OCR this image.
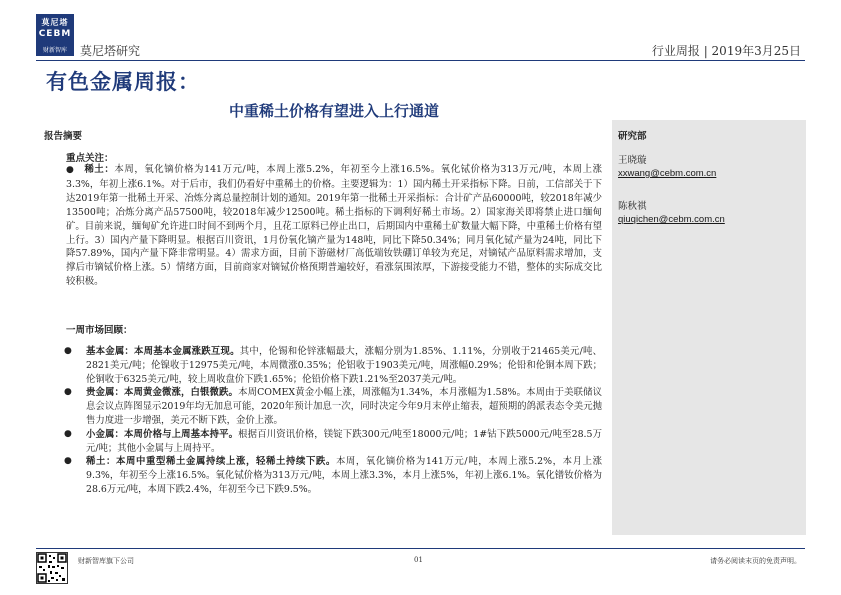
莫尼塔
CEBM
财新智库	莫尼塔研究	行业周报 | 2019年3月25日
有色金属周报：
中重稀土价格有望进入上行通道
报告摘要
重点关注：
● 稀土：本周，氧化镝价格为141万元/吨，本周上涨5.2%，年初至今上涨16.5%。氧化铽价格为313万元/吨，本周上涨3.3%，年初上涨6.1%。对于后市，我们仍看好中重稀土的价格。主要逻辑为：1）国内稀土开采指标下降。日前，工信部关于下达2019年第一批稀土开采、冶炼分离总量控制计划的通知。2019年第一批稀土开采指标：合计矿产品60000吨，较2018年减少13500吨；冶炼分离产品57500吨，较2018年减少12500吨。稀土指标的下调利好稀土市场。2）国家海关即将禁止进口缅甸矿。目前来说，缅甸矿允许进口时间不到两个月，且花工原料已停止出口，后期国内中重稀土矿数量大幅下降，中重稀土价格有望上行。3）国内产量下降明显。根据百川资讯，1月份氧化镝产量为148吨，同比下降50.34%；同月氧化铽产量为24吨，同比下降57.89%，国内产量下降非常明显。4）需求方面，目前下游磁材厂高低端钕铁硼订单较为充足，对镝铽产品原料需求增加，支撑后市镝铽价格上涨。5）情绪方面，目前商家对镝铽价格预期普遍较好，看涨氛围浓厚，下游接受能力不错，整体的实际成交比较积极。
一周市场回顾：
●	基本金属：本周基本金属涨跌互现。其中，伦锡和伦锌涨幅最大，涨幅分别为1.85%、1.11%，分别收于21465美元/吨、2821美元/吨；伦镍收于12975美元/吨，本周微涨0.35%；伦铝收于1903美元/吨，周涨幅0.29%；伦铅和伦铜本周下跌；伦铜收于6325美元/吨，较上周收盘价下跌1.65%；伦铅价格下跌1.21%至2037美元/吨。
●	贵金属：本周黄金微涨，白银微跌。本周COMEX黄金小幅上涨，周涨幅为1.34%，本月涨幅为1.58%。本周由于美联储议息会议点阵图显示2019年均无加息可能，2020年预计加息一次，同时决定今年9月末停止缩表，超预期的鸽派表态令美元抛售力度进一步增强，美元不断下跌，金价上涨。
●	小金属：本周价格与上周基本持平。根据百川资讯价格，镁锭下跌300元/吨至18000元/吨；1#钴下跌5000元/吨至28.5万元/吨；其他小金属与上周持平。
●	稀土：本周中重型稀土金属持续上涨，轻稀土持续下跌。本周，氧化镝价格为141万元/吨，本周上涨5.2%，本月上涨9.3%，年初至今上涨16.5%。氧化铽价格为313万元/吨，本周上涨3.3%，本月上涨5%，年初上涨6.1%。氧化镨钕价格为28.6万元/吨，本周下跌2.4%，年初至今已下跌9.5%。
研究部
王晓璇
xxwang@cebm.com.cn
陈秋祺
qiuqichen@cebm.com.cn
财新智库旗下公司	01	请务必阅读末页的免责声明。
